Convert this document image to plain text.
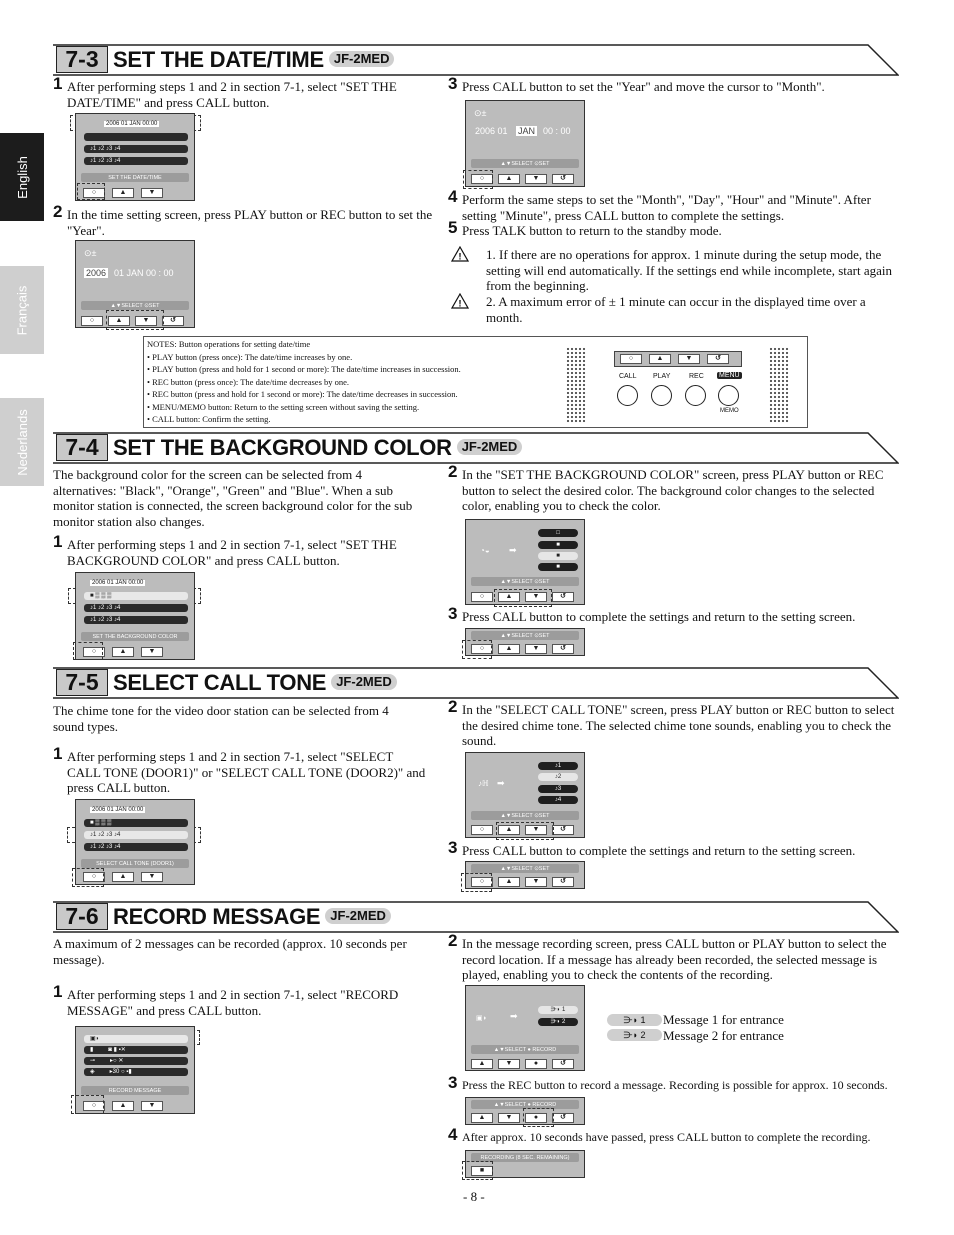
English
Français
Nederlands
7-3 SET THE DATE/TIME JF-2MED
1 After performing steps 1 and 2 in section 7-1, select "SET THE DATE/TIME" and press CALL button.
2006 01 JAN 00:00
♪1 ♪2 ♪3 ♪4
♪1 ♪2 ♪3 ♪4
SET THE DATE/TIME
○	▲	▼
2 In the time setting screen, press PLAY button or REC button to set the "Year".
⊙±
2006 01 JAN 00 : 00
▲▼SELECT ⊙SET
○	▲	▼	↺
3 Press CALL button to set the "Year" and move the cursor to "Month".
⊙±
2006 01 JAN 00 : 00
▲▼SELECT ⊙SET
○	▲	▼	↺
4 Perform the same steps to set the "Month", "Day", "Hour" and "Minute". After setting "Minute", press CALL button to complete the settings.
5 Press TALK button to return to the standby mode.
! 1. If there are no operations for approx. 1 minute during the setup mode, the setting will end automatically. If the settings end while incomplete, start again from the beginning.
! 2. A maximum error of ± 1 minute can occur in the displayed time over a month.
NOTES: Button operations for setting date/time
• PLAY button (press once): The date/time increases by one.
• PLAY button (press and hold for 1 second or more): The date/time increases in succession.
• REC button (press once): The date/time decreases by one.
• REC button (press and hold for 1 second or more): The date/time decreases in succession.
• MENU/MEMO button: Return to the setting screen without saving the setting.
• CALL button: Confirm the setting.
○	▲	▼	↺
CALL PLAY	REC MENU
MEMO
7-4 SET THE BACKGROUND COLOR JF-2MED
The background color for the screen can be selected from 4 alternatives: "Black", "Orange", "Green" and "Blue". When a sub monitor station is connected, the screen background color for the sub monitor station also changes.
1 After performing steps 1 and 2 in section 7-1, select "SET THE BACKGROUND COLOR" and press CALL button.
2006 01 JAN 00:00
■ ▒ ▒ ▒
♪1 ♪2 ♪3 ♪4
♪1 ♪2 ♪3 ♪4
SET THE BACKGROUND COLOR
○	▲	▼
2 In the "SET THE BACKGROUND COLOR" screen, press PLAY button or REC button to select the desired color. The background color changes to the selected color, enabling you to check the color.
◔◒ ➡
□
■
■
■
▲▼SELECT ⊙SET
○	▲	▼	↺
3 Press CALL button to complete the settings and return to the setting screen.
▲▼SELECT ⊙SET
○	▲	▼	↺
7-5 SELECT CALL TONE JF-2MED
The chime tone for the video door station can be selected from 4 sound types.
1 After performing steps 1 and 2 in section 7-1, select "SELECT CALL TONE (DOOR1)" or "SELECT CALL TONE (DOOR2)" and press CALL button.
2006 01 JAN 00:00
■ ▒ ▒ ▒
♪1 ♪2 ♪3 ♪4
♪1 ♪2 ♪3 ♪4
SELECT CALL TONE (DOOR1)
○	▲	▼
2 In the "SELECT CALL TONE" screen, press PLAY button or REC button to select the desired chime tone. The selected chime tone sounds, enabling you to check the sound.
♪ℍ ➡
♪1
♪2
♪3
♪4
▲▼SELECT ⊙SET
○	▲	▼	↺
3 Press CALL button to complete the settings and return to the setting screen.
▲▼SELECT ⊙SET
○	▲	▼	↺
7-6 RECORD MESSAGE JF-2MED
A maximum of 2 messages can be recorded (approx. 10 seconds per message).
1 After performing steps 1 and 2 in section 7-1, select "RECORD MESSAGE" and press CALL button.
▣◗
▮         ◙ ▮ ▪✕
⊸         ▸○ ✕
◈         ▸30 ○ ▪▮
RECORD MESSAGE
○	▲	▼
2 In the message recording screen, press CALL button or PLAY button to select the record location. If a message has already been recorded, the selected message is played, enabling you to check the contents of the recording.
▣◗	➡
⋺◗ 1
⋺◗ 2
▲▼SELECT ● RECORD
▲	▼	●	↺
⋺◗ 1	Message 1 for entrance
⋺◗ 2	Message 2 for entrance
3 Press the REC button to record a message. Recording is possible for approx. 10 seconds.
▲▼SELECT ● RECORD
▲	▼	●	↺
4 After approx. 10 seconds have passed, press CALL button to complete the recording.
RECORDING (8 SEC. REMAINING)
■
- 8 -
